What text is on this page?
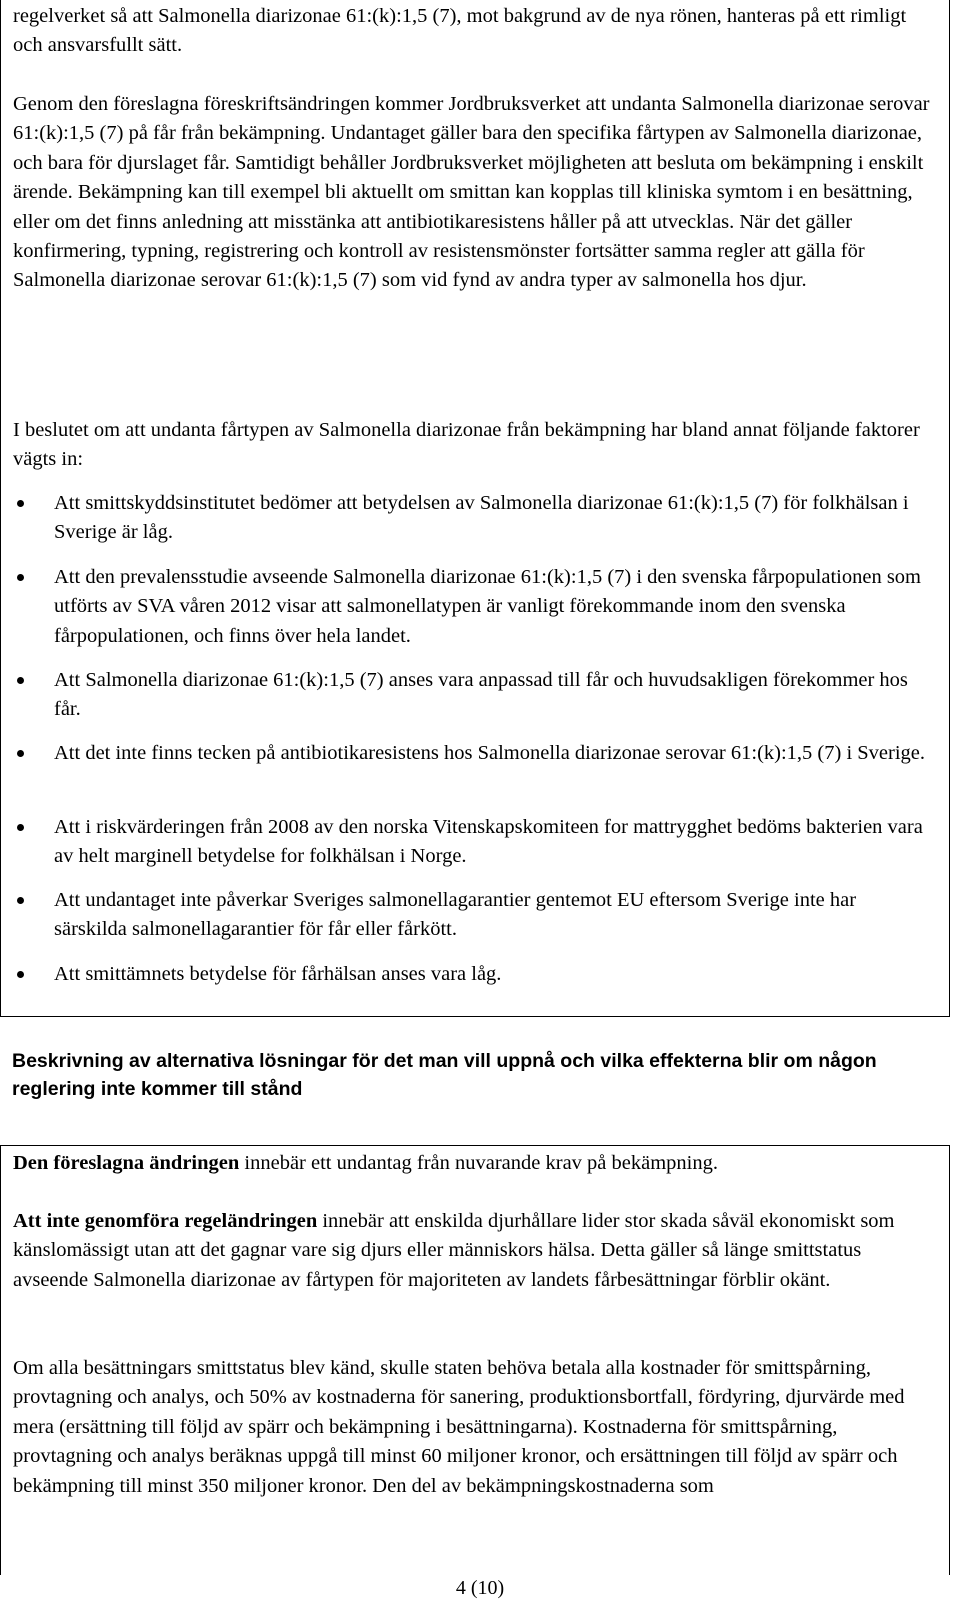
regelverket så att Salmonella diarizonae 61:(k):1,5 (7), mot bakgrund av de nya rönen, hanteras på ett rimligt och ansvarsfullt sätt.

Genom den föreslagna föreskriftsändringen kommer Jordbruksverket att undanta Salmonella diarizonae serovar 61:(k):1,5 (7) på får från bekämpning. Undantaget gäller bara den specifika fårtypen av Salmonella diarizonae, och bara för djurslaget får. Samtidigt behåller Jordbruksverket möjligheten att besluta om bekämpning i enskilt ärende. Bekämpning kan till exempel bli aktuellt om smittan kan kopplas till kliniska symtom i en besättning, eller om det finns anledning att misstänka att antibiotikaresistens håller på att utvecklas. När det gäller konfirmering, typning, registrering och kontroll av resistensmönster fortsätter samma regler att gälla för Salmonella diarizonae serovar 61:(k):1,5 (7) som vid fynd av andra typer av salmonella hos djur.

I beslutet om att undanta fårtypen av Salmonella diarizonae från bekämpning har bland annat följande faktorer vägts in:

Att smittskyddsinstitutet bedömer att betydelsen av Salmonella diarizonae 61:(k):1,5 (7) för folkhälsan i Sverige är låg.
Att den prevalensstudie avseende Salmonella diarizonae 61:(k):1,5 (7) i den svenska fårpopulationen som utförts av SVA våren 2012 visar att salmonellatypen är vanligt förekommande inom den svenska fårpopulationen, och finns över hela landet.
Att Salmonella diarizonae 61:(k):1,5 (7) anses vara anpassad till får och huvudsakligen förekommer hos får.
Att det inte finns tecken på antibiotikaresistens hos Salmonella diarizonae serovar 61:(k):1,5 (7) i Sverige.
Att i riskvärderingen från 2008 av den norska Vitenskapskomiteen for mattrygghet bedöms bakterien vara av helt marginell betydelse for folkhälsan i Norge.
Att undantaget inte påverkar Sveriges salmonellagarantier gentemot EU eftersom Sverige inte har särskilda salmonellagarantier för får eller fårkött.
Att smittämnets betydelse för fårhälsan anses vara låg.
Beskrivning av alternativa lösningar för det man vill uppnå och vilka effekterna blir om någon reglering inte kommer till stånd

Den föreslagna ändringen innebär ett undantag från nuvarande krav på bekämpning.

Att inte genomföra regeländringen innebär att enskilda djurhållare lider stor skada såväl ekonomiskt som känslomässigt utan att det gagnar vare sig djurs eller människors hälsa. Detta gäller så länge smittstatus avseende Salmonella diarizonae av fårtypen för majoriteten av landets fårbesättningar förblir okänt.

Om alla besättningars smittstatus blev känd, skulle staten behöva betala alla kostnader för smittspårning, provtagning och analys, och 50% av kostnaderna för sanering, produktionsbortfall, fördyring, djurvärde med mera (ersättning till följd av spärr och bekämpning i besättningarna). Kostnaderna för smittspårning, provtagning och analys beräknas uppgå till minst 60 miljoner kronor, och ersättningen till följd av spärr och bekämpning till minst 350 miljoner kronor. Den del av bekämpningskostnaderna som

4 (10)
